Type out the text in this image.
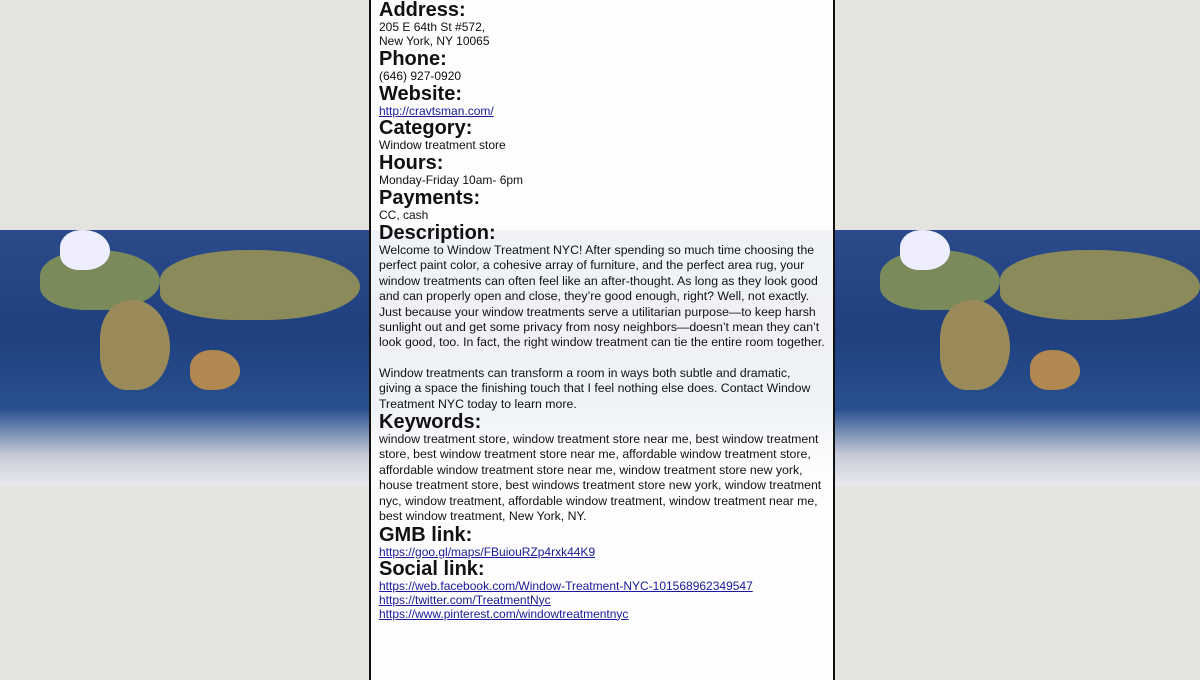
Address:

205 E 64th St #572,

New York, NY 10065

Phone:

(646) 927-0920

Website:
http://cravtsman.com/
Category:

Window treatment store

Hours:

Monday-Friday 10am- 6pm

Payments:

CC, cash

Description:

Welcome to Window Treatment NYC! After spending so much time choosing the perfect paint color, a cohesive array of furniture, and the perfect area rug, your window treatments can often feel like an after-thought. As long as they look good and can properly open and close, they’re good enough, right? Well, not exactly. Just because your window treatments serve a utilitarian purpose—to keep harsh sunlight out and get some privacy from nosy neighbors—doesn’t mean they can’t look good, too. In fact, the right window treatment can tie the entire room together.

Window treatments can transform a room in ways both subtle and dramatic, giving a space the finishing touch that I feel nothing else does. Contact Window Treatment NYC today to learn more.

Keywords:

window treatment store, window treatment store near me, best window treatment store, best window treatment store near me, affordable window treatment store, affordable window treatment store near me, window treatment store new york, house treatment store, best windows treatment store new york, window treatment nyc, window treatment, affordable window treatment, window treatment near me, best window treatment, New York, NY.

GMB link:
https://goo.gl/maps/FBuiouRZp4rxk44K9
Social link:
https://web.facebook.com/Window-Treatment-NYC-101568962349547
https://twitter.com/TreatmentNyc
https://www.pinterest.com/windowtreatmentnyc
